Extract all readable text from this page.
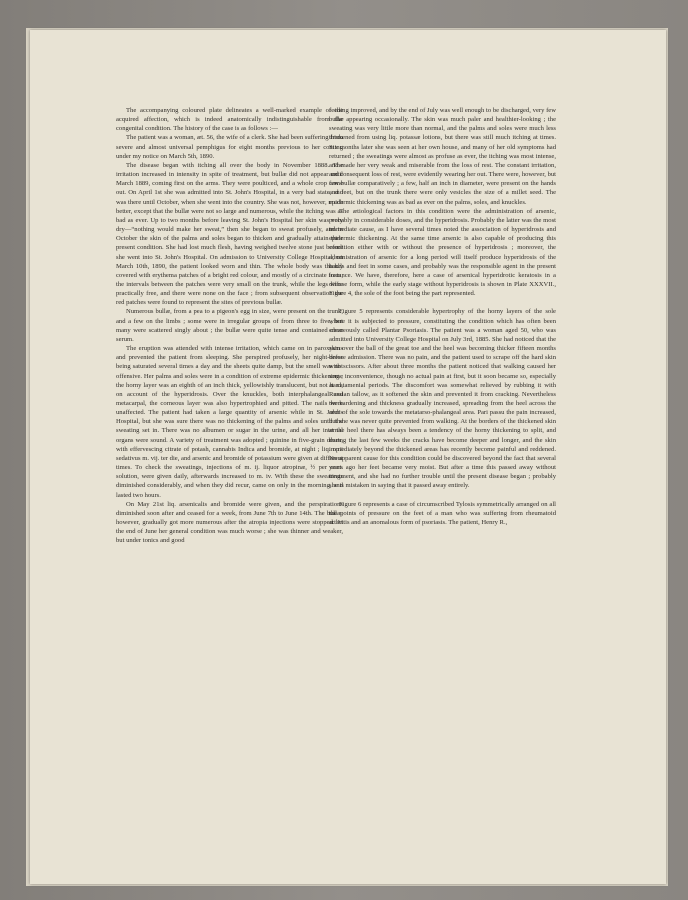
The accompanying coloured plate delineates a well-marked example of the acquired affection, which is indeed anatomically indistinguishable from the congenital condition. The history of the case is as follows :—

The patient was a woman, æt. 56, the wife of a clerk. She had been suffering from severe and almost universal pemphigus for eight months previous to her coming under my notice on March 5th, 1890.

The disease began with itching all over the body in November 1888. The irritation increased in intensity in spite of treatment, but bullæ did not appear until March 1889, coming first on the arms. They were poulticed, and a whole crop came out. On April 1st she was admitted into St. John's Hospital, in a very bad state, and was there until October, when she went into the country. She was not, however, much better, except that the bullæ were not so large and numerous, while the itching was as bad as ever. Up to two months before leaving St. John's Hospital her skin was very dry—“nothing would make her sweat,” then she began to sweat profusely, and in October the skin of the palms and soles began to thicken and gradually attain their present condition. She had lost much flesh, having weighed twelve stone just before she went into St. John's Hospital. On admission to University College Hospital, on March 10th, 1890, the patient looked worn and thin. The whole body was thickly covered with erythema patches of a bright red colour, and mostly of a circinate form, the intervals between the patches were very small on the trunk, while the legs were practically free, and there were none on the face ; from subsequent observation the red patches were found to represent the sites of previous bullæ.

Numerous bullæ, from a pea to a pigeon's egg in size, were present on the trunk, and a few on the limbs ; some were in irregular groups of from three to five, but many were scattered singly about ; the bullæ were quite tense and contained clear serum.

The eruption was attended with intense irritation, which came on in paroxysms and prevented the patient from sleeping. She perspired profusely, her night-dress being saturated several times a day and the sheets quite damp, but the smell was not offensive. Her palms and soles were in a condition of extreme epidermic thickening ; the horny layer was an eighth of an inch thick, yellowishly translucent, but not hard, on account of the hyperidrosis. Over the knuckles, both interphalangeal and metacarpal, the corneous layer was also hypertrophied and pitted. The nails were unaffected. The patient had taken a large quantity of arsenic while in St. John's Hospital, but she was sure there was no thickening of the palms and soles until the sweating set in. There was no albumen or sugar in the urine, and all her internal organs were sound. A variety of treatment was adopted ; quinine in five-grain doses, with effervescing citrate of potash, cannabis Indica and bromide, at night ; liq. opii sedativus m. vij. ter die, and arsenic and bromide of potassium were given at different times. To check the sweatings, injections of m. ij. liquor atropinæ, ½ per cent. solution, were given daily, afterwards increased to m. iv. With these the sweatings diminished considerably, and when they did recur, came on only in the morning, and lasted two hours.

On May 21st liq. arsenicalis and bromide were given, and the perspirations diminished soon after and ceased for a week, from June 7th to June 14th. The bullæ, however, gradually got more numerous after the atropia injections were stopped. At the end of June her general condition was much worse ; she was thinner and weaker, but under tonics and good

feeding improved, and by the end of July was well enough to be discharged, very few bullæ appearing occasionally. The skin was much paler and healthier-looking ; the sweating was very little more than normal, and the palms and soles were much less thickened from using liq. potassæ lotions, but there was still much itching at times. Six months later she was seen at her own house, and many of her old symptoms had returned ; the sweatings were almost as profuse as ever, the itching was most intense, and made her very weak and miserable from the loss of rest. The constant irritation, and consequent loss of rest, were evidently wearing her out. There were, however, but few bullæ comparatively ; a few, half an inch in diameter, were present on the hands and feet, but on the trunk there were only vesicles the size of a millet seed. The epidermic thickening was as bad as ever on the palms, soles, and knuckles.

The ætiological factors in this condition were the administration of arsenic, probably in considerable doses, and the hyperidrosis. Probably the latter was the most immediate cause, as I have several times noted the association of hyperidrosis and epidermic thickening. At the same time arsenic is also capable of producing this condition either with or without the presence of hyperidrosis ; moreover, the administration of arsenic for a long period will itself produce hyperidrosis of the hands and feet in some cases, and probably was the responsible agent in the present instance. We have, therefore, here a case of arsenical hyperidrotic keratosis in a diffuse form, while the early stage without hyperidrosis is shown in Plate XXXVII., Figure 4, the sole of the foot being the part represented.

Figure 5 represents considerable hypertrophy of the horny layers of the sole where it is subjected to pressure, constituting the condition which has often been erroneously called Plantar Psoriasis. The patient was a woman aged 50, who was admitted into University College Hospital on July 3rd, 1885. She had noticed that the skin over the ball of the great toe and the heel was becoming thicker fifteen months before admission. There was no pain, and the patient used to scrape off the hard skin with scissors. After about three months the patient noticed that walking caused her some inconvenience, though no actual pain at first, but it soon became so, especially at catamenial periods. The discomfort was somewhat relieved by rubbing it with Russian tallow, as it softened the skin and prevented it from cracking. Nevertheless the hardening and thickness gradually increased, spreading from the heel across the arch of the sole towards the metatarso-phalangeal area. Pari passu the pain increased, but she was never quite prevented from walking. At the borders of the thickened skin at the heel there has always been a tendency of the horny thickening to split, and during the last few weeks the cracks have become deeper and longer, and the skin immediately beyond the thickened areas has recently become painful and reddened. No apparent cause for this condition could be discovered beyond the fact that several years ago her feet became very moist. But after a time this passed away without treatment, and she had no further trouble until the present disease began ; probably she is mistaken in saying that it passed away entirely.

Figure 6 represents a case of circumscribed Tylosis symmetrically arranged on all the points of pressure on the feet of a man who was suffering from rheumatoid arthritis and an anomalous form of psoriasis. The patient, Henry R.,
